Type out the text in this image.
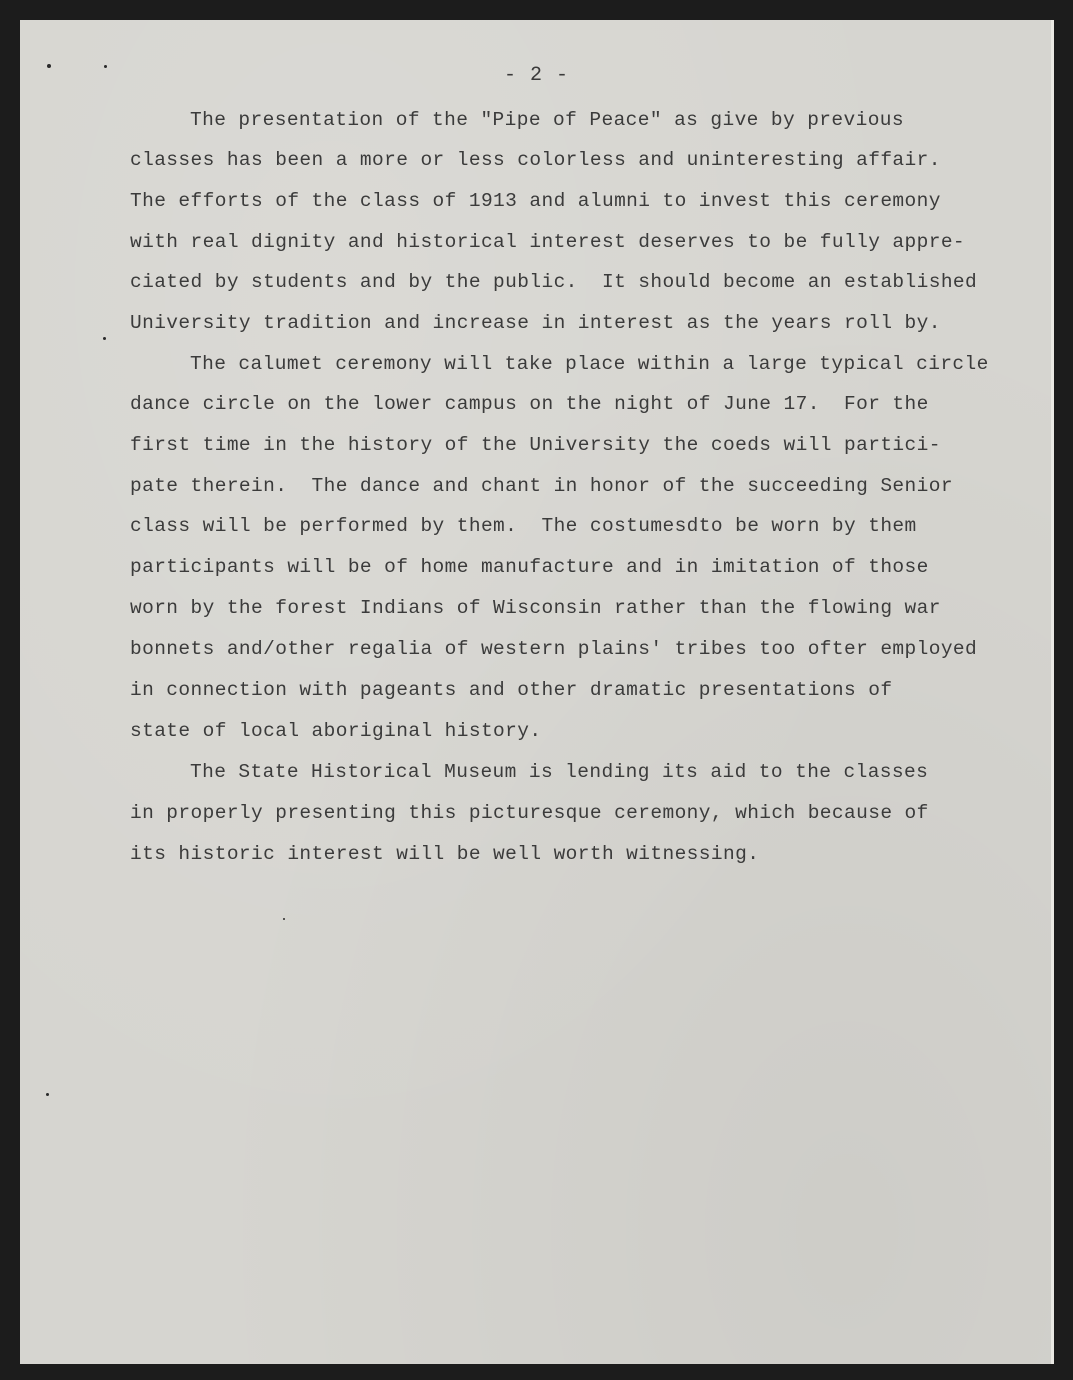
- 2 -
The presentation of the "Pipe of Peace" as give by previous
classes has been a more or less colorless and uninteresting affair.
The efforts of the class of 1913 and alumni to invest this ceremony
with real dignity and historical interest deserves to be fully appre-
ciated by students and by the public.  It should become an established
University tradition and increase in interest as the years roll by.
The calumet ceremony will take place within a large typical circle
dance circle on the lower campus on the night of June 17.  For the
first time in the history of the University the coeds will partici-
pate therein.  The dance and chant in honor of the succeeding Senior
class will be performed by them.  The costumesdto be worn by them
participants will be of home manufacture and in imitation of those
worn by the forest Indians of Wisconsin rather than the flowing war
bonnets and/other regalia of western plains' tribes too ofter employed
in connection with pageants and other dramatic presentations of
state of local aboriginal history.
The State Historical Museum is lending its aid to the classes
in properly presenting this picturesque ceremony, which because of
its historic interest will be well worth witnessing.
